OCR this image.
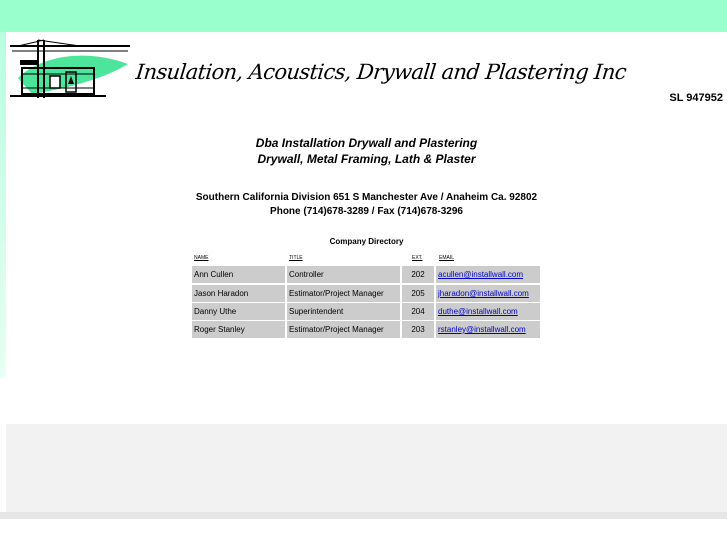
Insulation, Acoustics, Drywall and Plastering Inc
SL 947952
Dba Installation Drywall and Plastering
Drywall, Metal Framing, Lath & Plaster
Southern California Division 651 S Manchester Ave / Anaheim Ca. 92802
Phone (714)678-3289 / Fax (714)678-3296
Company Directory
NAME	TITLE	EXT.	EMAIL
Ann Cullen	Controller	202	acullen@installwall.com
Jason Haradon	Estimator/Project Manager	205	jharadon@installwall.com
Danny Uthe	Superintendent	204	duthe@installwall.com
Roger Stanley	Estimator/Project Manager	203	rstanley@installwall.com
